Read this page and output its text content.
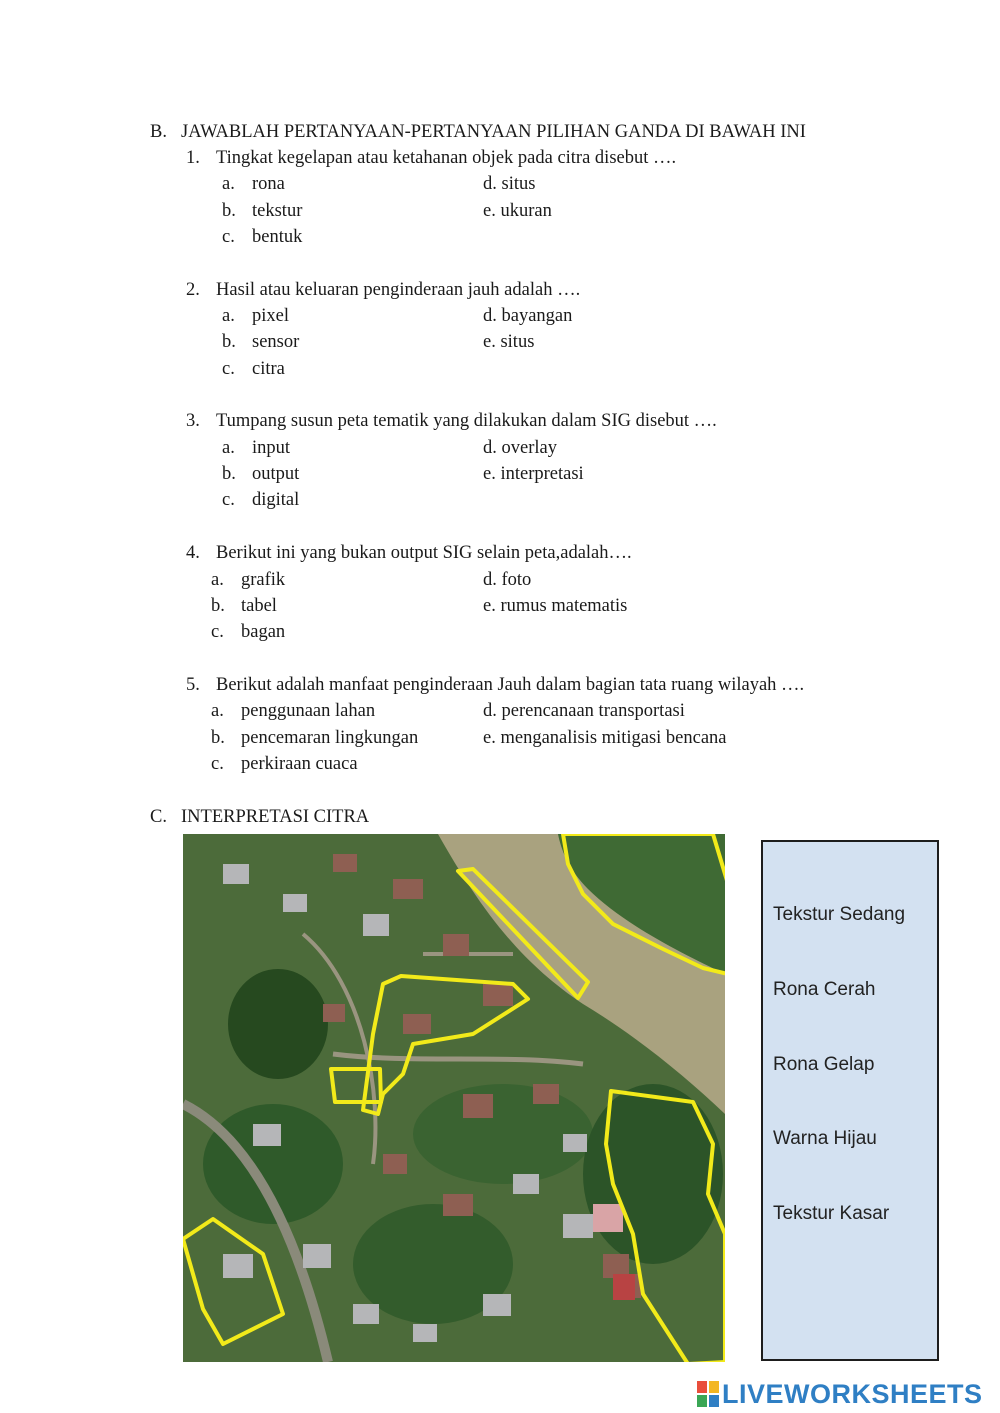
B. JAWABLAH PERTANYAAN-PERTANYAAN PILIHAN GANDA DI BAWAH INI
1. Tingkat kegelapan atau ketahanan objek pada citra disebut ….
a. rona
b. tekstur
c. bentuk
d. situs
e. ukuran
2. Hasil atau keluaran penginderaan jauh adalah ….
a. pixel
b. sensor
c. citra
d. bayangan
e. situs
3. Tumpang susun peta tematik yang dilakukan dalam SIG disebut ….
a. input
b. output
c. digital
d. overlay
e. interpretasi
4. Berikut ini yang bukan output SIG selain peta,adalah….
a. grafik
b. tabel
c. bagan
d. foto
e. rumus matematis
5. Berikut adalah manfaat penginderaan Jauh dalam bagian tata ruang wilayah ….
a. penggunaan lahan
b. pencemaran lingkungan
c. perkiraan cuaca
d. perencanaan transportasi
e. menganalisis mitigasi bencana
C. INTERPRETASI CITRA
Tekstur Sedang
Rona Cerah
Rona Gelap
Warna Hijau
Tekstur Kasar
LIVEWORKSHEETS
